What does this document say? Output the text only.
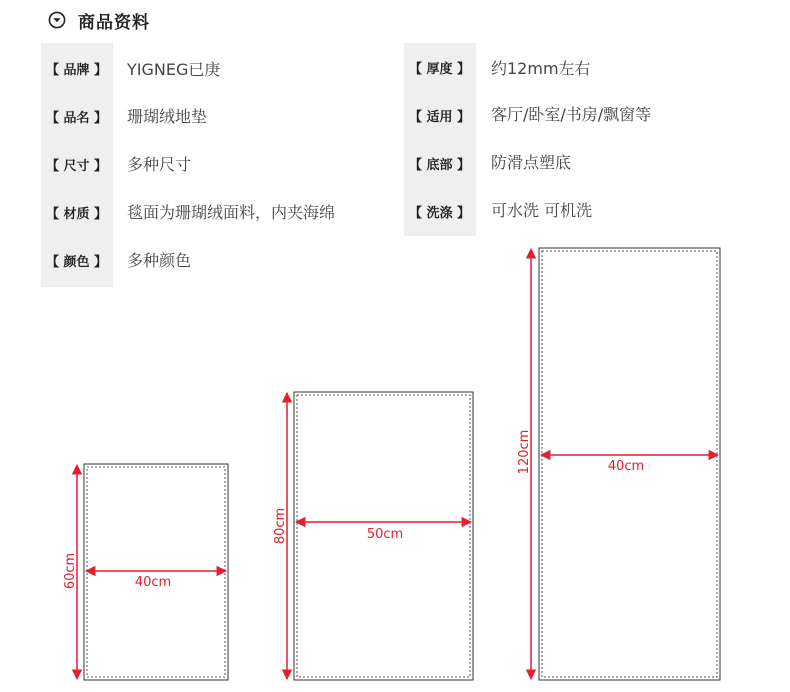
商品资料
【 品牌 】 YIGNEG已庚
【 品名 】 珊瑚绒地垫
【 尺寸 】 多种尺寸
【 材质 】 毯面为珊瑚绒面料，内夹海绵
【 颜色 】 多种颜色
【 厚度 】 约12mm左右
【 适用 】 客厅/卧室/书房/飘窗等
【 底部 】 防滑点塑底
【 洗涤 】 可水洗 可机洗
40cm
60cm
50cm
80cm
40cm
120cm
